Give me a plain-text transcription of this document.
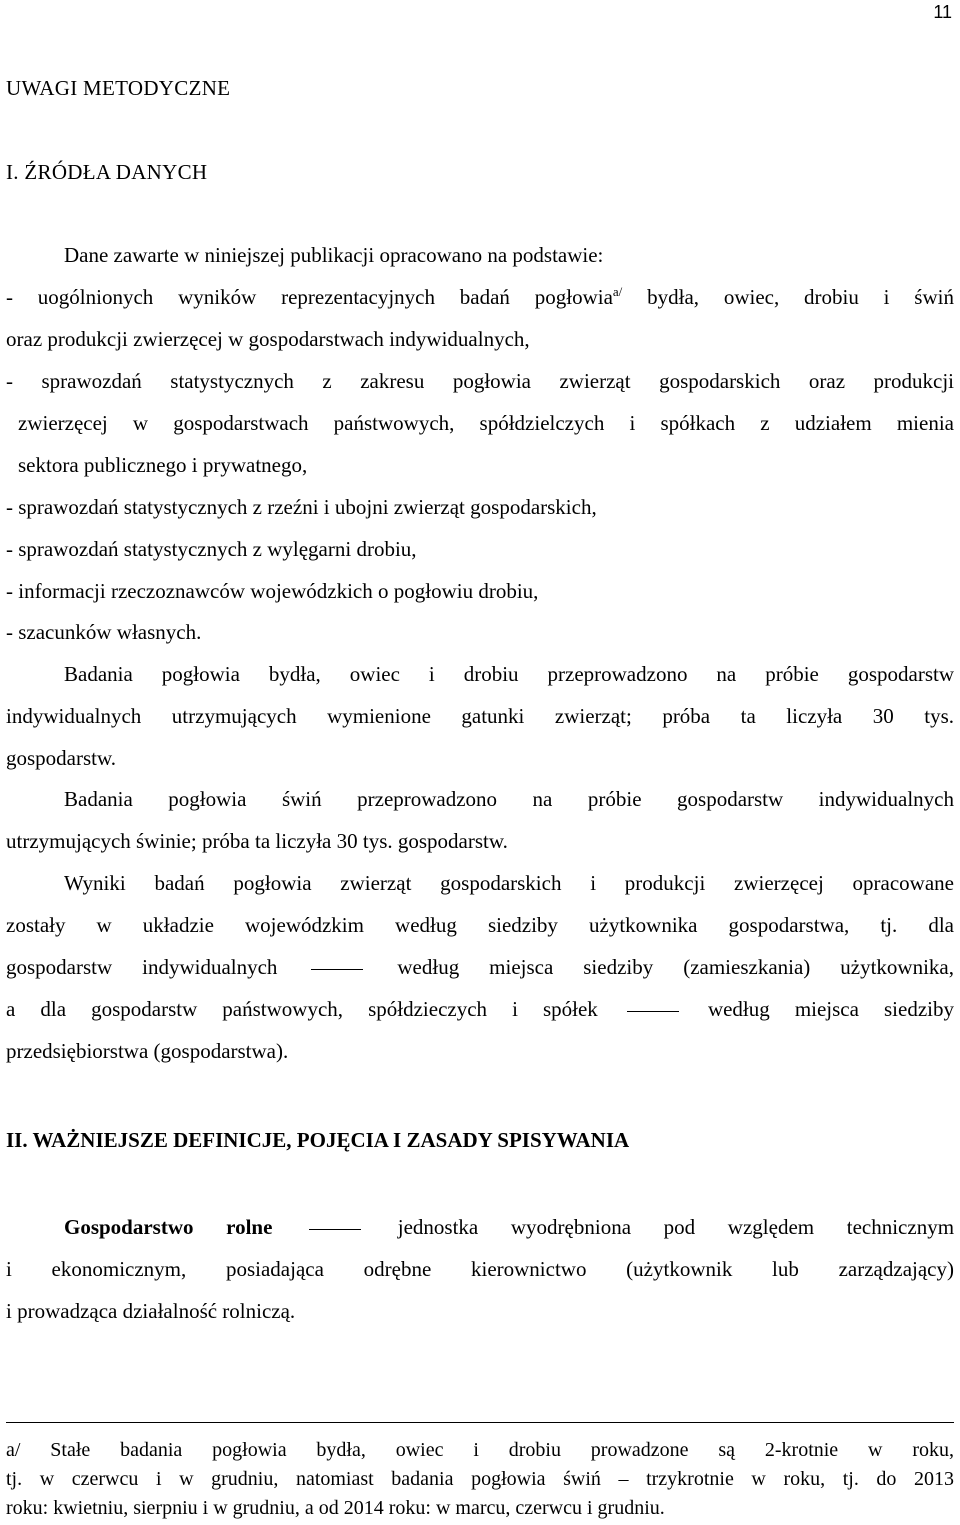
11
UWAGI METODYCZNE
I. ŹRÓDŁA DANYCH
Dane zawarte w niniejszej publikacji opracowano na podstawie:
- uogólnionych wyników reprezentacyjnych badań pogłowia$^{a/}$ bydła, owiec, drobiu i świń
oraz produkcji zwierzęcej w gospodarstwach indywidualnych,
- sprawozdań statystycznych z zakresu pogłowia zwierząt gospodarskich oraz produkcji
zwierzęcej w gospodarstwach państwowych, spółdzielczych i spółkach z udziałem mienia
sektora publicznego i prywatnego,
- sprawozdań statystycznych z rzeźni i ubojni zwierząt gospodarskich,
- sprawozdań statystycznych z wylęgarni drobiu,
- informacji rzeczoznawców wojewódzkich o pogłowiu drobiu,
- szacunków własnych.
Badania pogłowia bydła, owiec i drobiu przeprowadzono na próbie gospodarstw
indywidualnych utrzymujących wymienione gatunki zwierząt; próba ta liczyła 30 tys.
gospodarstw.
Badania pogłowia świń przeprowadzono na próbie gospodarstw indywidualnych
utrzymujących świnie; próba ta liczyła 30 tys. gospodarstw.
Wyniki badań pogłowia zwierząt gospodarskich i produkcji zwierzęcej opracowane
zostały w układzie wojewódzkim według siedziby użytkownika gospodarstwa, tj. dla
gospodarstw indywidualnych	według miejsca siedziby (zamieszkania) użytkownika,
a dla gospodarstw państwowych, spółdzieczych i spółek	według miejsca siedziby
przedsiębiorstwa (gospodarstwa).
II. WAŻNIEJSZE DEFINICJE, POJĘCIA I ZASADY SPISYWANIA
Gospodarstwo rolne	jednostka wyodrębniona pod względem technicznym
i ekonomicznym, posiadająca odrębne kierownictwo (użytkownik lub zarządzający)
i prowadząca działalność rolniczą.
a/ Stałe badania pogłowia bydła, owiec i drobiu prowadzone są 2-krotnie w roku,
tj. w czerwcu i w grudniu, natomiast badania pogłowia świń – trzykrotnie w roku, tj. do 2013
roku: kwietniu, sierpniu i w grudniu, a od 2014 roku: w marcu, czerwcu i grudniu.
